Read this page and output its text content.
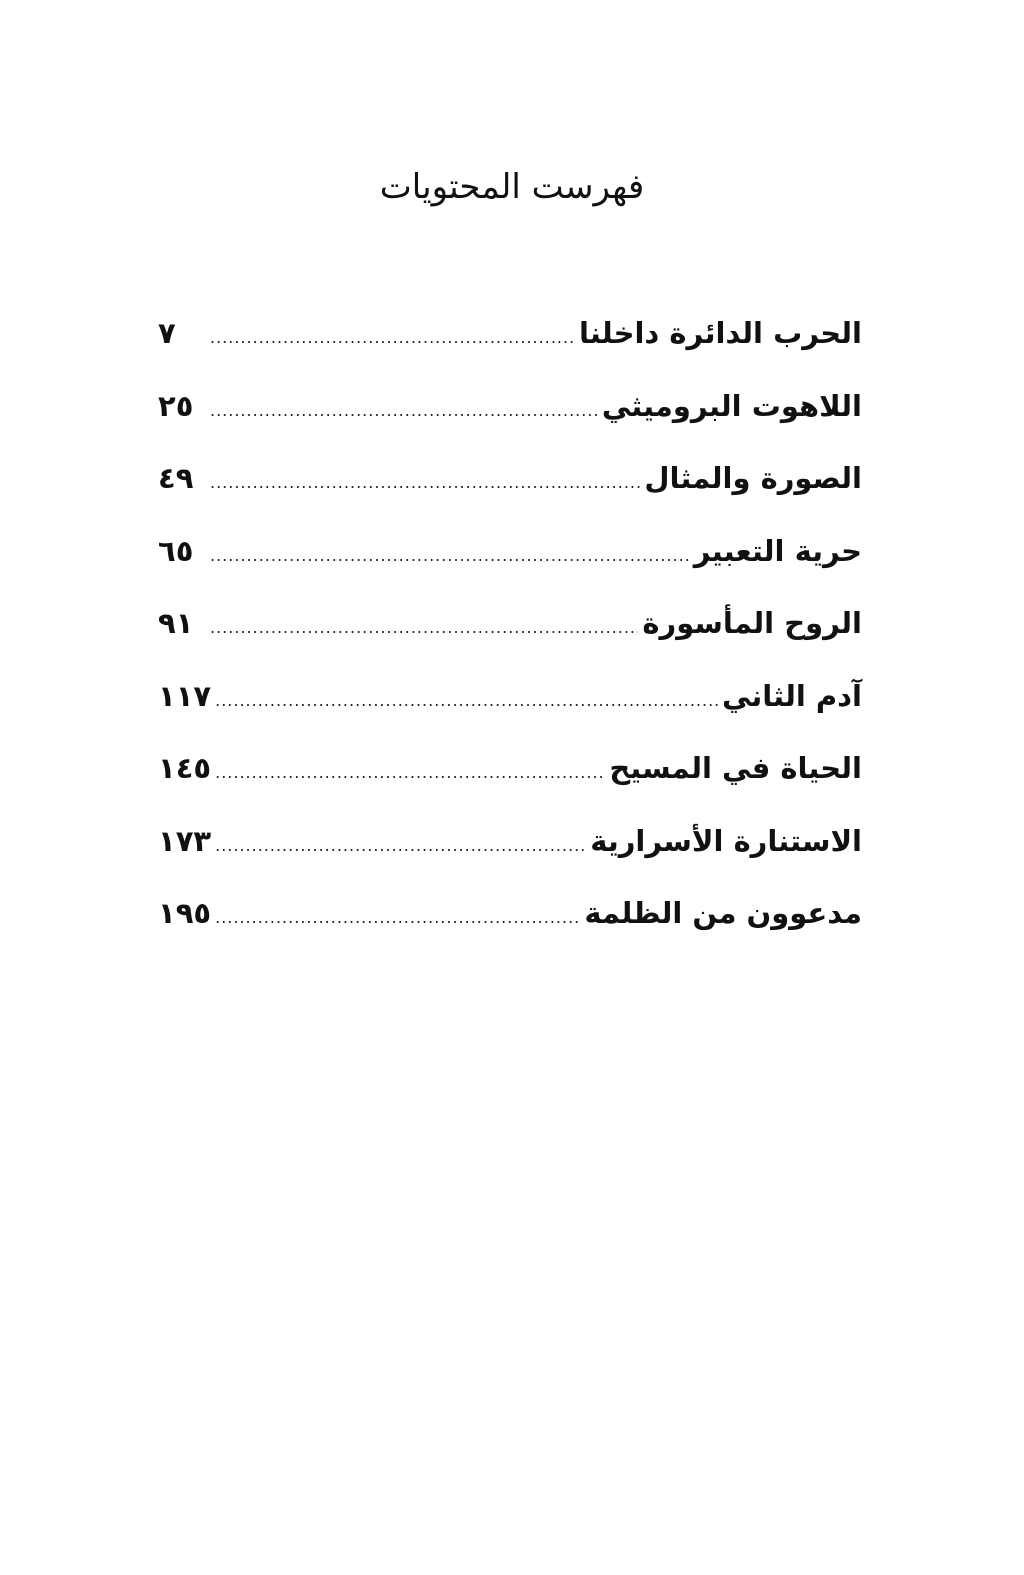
فهرست المحتويات
الحرب الدائرة داخلنا
.....
٧
اللاهوت البروميثي
.....
٢٥
الصورة والمثال
.....
٤٩
حرية التعبير
.....
٦٥
الروح المأسورة
.....
٩١
آدم الثاني
.....
١١٧
الحياة في المسيح
.....
١٤٥
الاستنارة الأسرارية
.....
١٧٣
مدعوون من الظلمة
.....
١٩٥
